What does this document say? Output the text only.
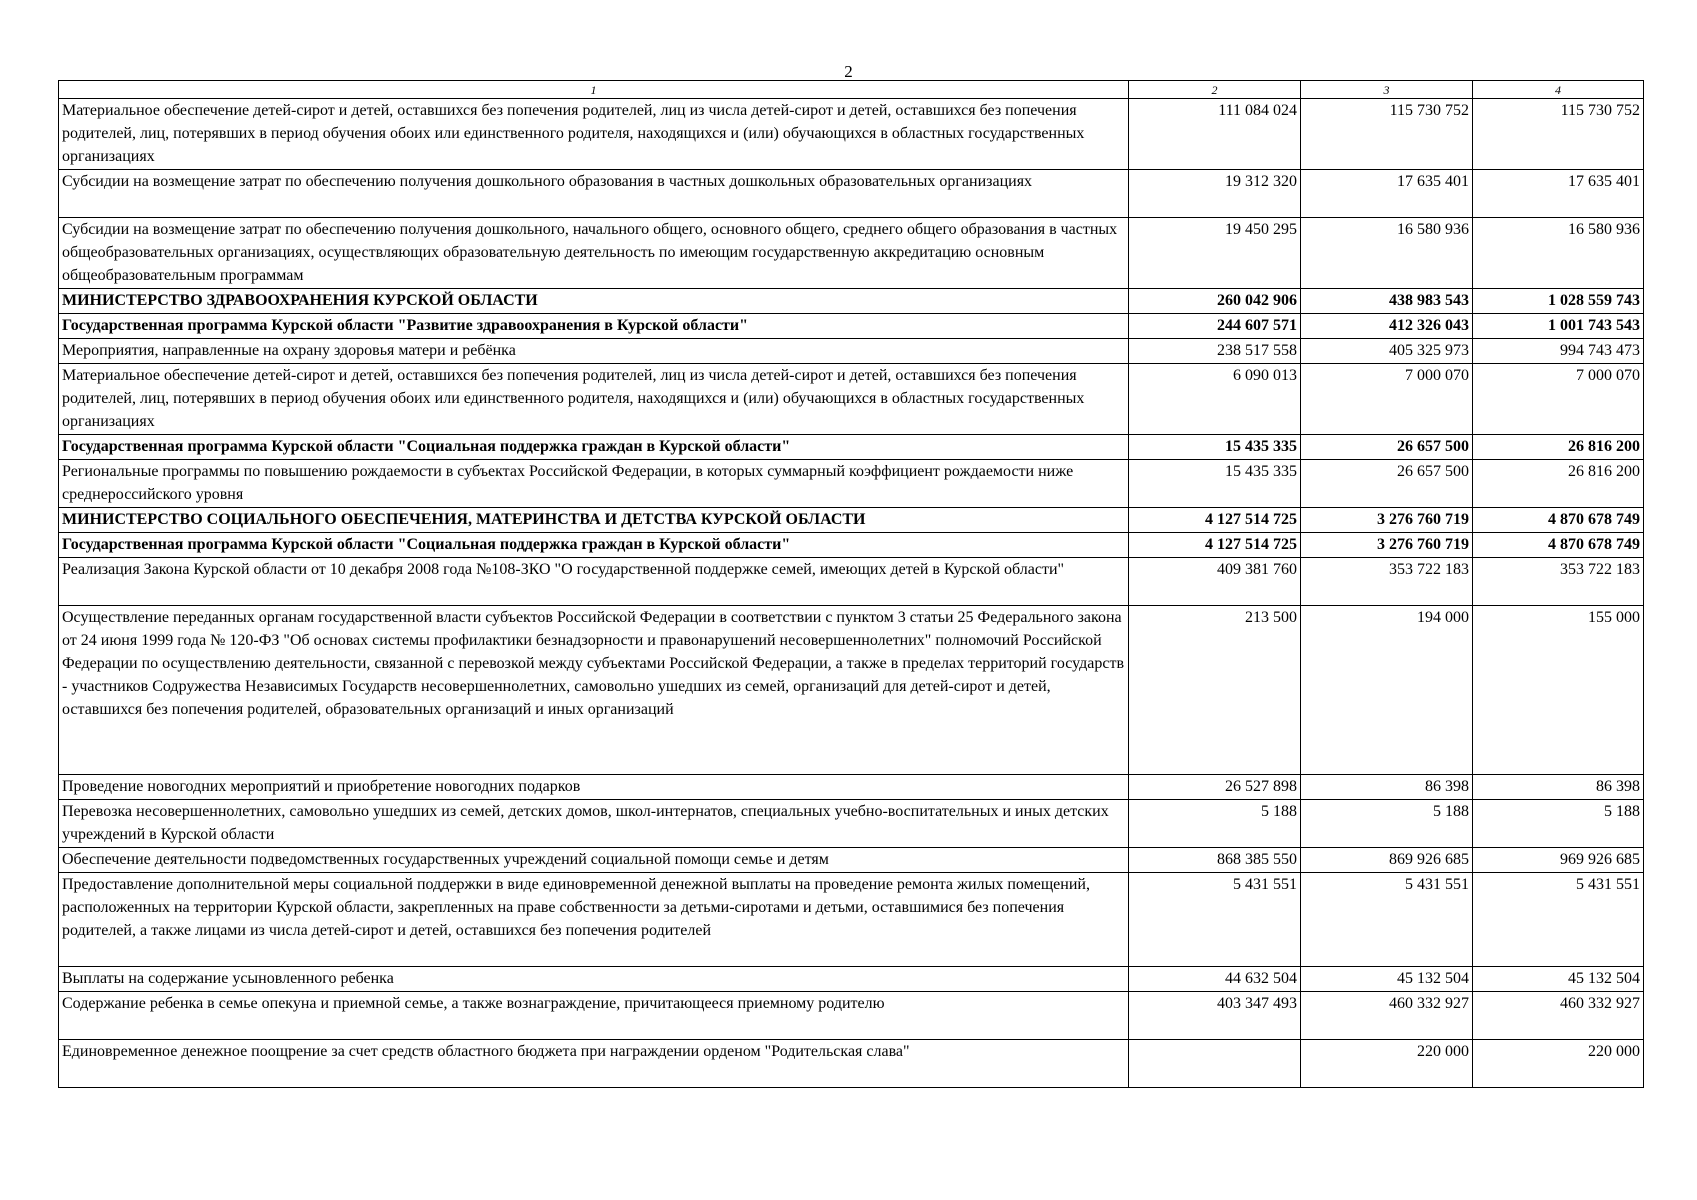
2
1	2	3	4
Материальное обеспечение детей-сирот и детей, оставшихся без попечения родителей, лиц из числа детей-сирот и детей, оставшихся без попечения родителей, лиц, потерявших в период обучения обоих или единственного родителя, находящихся и (или) обучающихся в областных государственных организациях	111 084 024	115 730 752	115 730 752
Субсидии на возмещение затрат по обеспечению получения дошкольного образования в частных дошкольных образовательных организациях	19 312 320	17 635 401	17 635 401
Субсидии на возмещение затрат по обеспечению получения дошкольного, начального общего, основного общего, среднего общего образования в частных общеобразовательных организациях, осуществляющих образовательную деятельность по имеющим государственную аккредитацию основным общеобразовательным программам	19 450 295	16 580 936	16 580 936
МИНИСТЕРСТВО ЗДРАВООХРАНЕНИЯ КУРСКОЙ ОБЛАСТИ	260 042 906	438 983 543	1 028 559 743
Государственная программа Курской области "Развитие здравоохранения в Курской области"	244 607 571	412 326 043	1 001 743 543
Мероприятия, направленные на охрану здоровья матери и ребёнка	238 517 558	405 325 973	994 743 473
Материальное обеспечение детей-сирот и детей, оставшихся без попечения родителей, лиц из числа детей-сирот и детей, оставшихся без попечения родителей, лиц, потерявших в период обучения обоих или единственного родителя, находящихся и (или) обучающихся в областных государственных организациях	6 090 013	7 000 070	7 000 070
Государственная программа Курской области "Социальная поддержка граждан в Курской области"	15 435 335	26 657 500	26 816 200
Региональные программы по повышению рождаемости в субъектах Российской Федерации, в которых суммарный коэффициент рождаемости ниже среднероссийского уровня	15 435 335	26 657 500	26 816 200
МИНИСТЕРСТВО СОЦИАЛЬНОГО ОБЕСПЕЧЕНИЯ, МАТЕРИНСТВА И ДЕТСТВА КУРСКОЙ ОБЛАСТИ	4 127 514 725	3 276 760 719	4 870 678 749
Государственная программа Курской области "Социальная поддержка граждан в Курской области"	4 127 514 725	3 276 760 719	4 870 678 749
Реализация Закона Курской области от 10 декабря 2008 года №108-ЗКО "О государственной поддержке семей, имеющих детей в Курской области"	409 381 760	353 722 183	353 722 183
Осуществление переданных органам государственной власти субъектов Российской Федерации в соответствии с пунктом 3 статьи 25 Федерального закона от 24 июня 1999 года № 120-ФЗ "Об основах системы профилактики безнадзорности и правонарушений несовершеннолетних" полномочий Российской Федерации по осуществлению деятельности, связанной с перевозкой между субъектами Российской Федерации, а также в пределах территорий государств - участников Содружества Независимых Государств несовершеннолетних, самовольно ушедших из семей, организаций для детей-сирот и детей, оставшихся без попечения родителей, образовательных организаций и иных организаций	213 500	194 000	155 000
Проведение новогодних мероприятий и приобретение новогодних подарков	26 527 898	86 398	86 398
Перевозка несовершеннолетних, самовольно ушедших из семей, детских домов, школ-интернатов, специальных учебно-воспитательных и иных детских учреждений в Курской области	5 188	5 188	5 188
Обеспечение деятельности подведомственных государственных учреждений социальной помощи семье и детям	868 385 550	869 926 685	969 926 685
Предоставление дополнительной меры социальной поддержки в виде единовременной денежной выплаты на проведение ремонта жилых помещений, расположенных на территории Курской области, закрепленных на праве собственности за детьми-сиротами и детьми, оставшимися без попечения родителей, а также лицами из числа детей-сирот и детей, оставшихся без попечения родителей	5 431 551	5 431 551	5 431 551
Выплаты на содержание усыновленного ребенка	44 632 504	45 132 504	45 132 504
Содержание ребенка в семье опекуна и приемной семье, а также вознаграждение, причитающееся приемному родителю	403 347 493	460 332 927	460 332 927
Единовременное денежное поощрение за счет средств областного бюджета при награждении орденом "Родительская слава"		220 000	220 000
